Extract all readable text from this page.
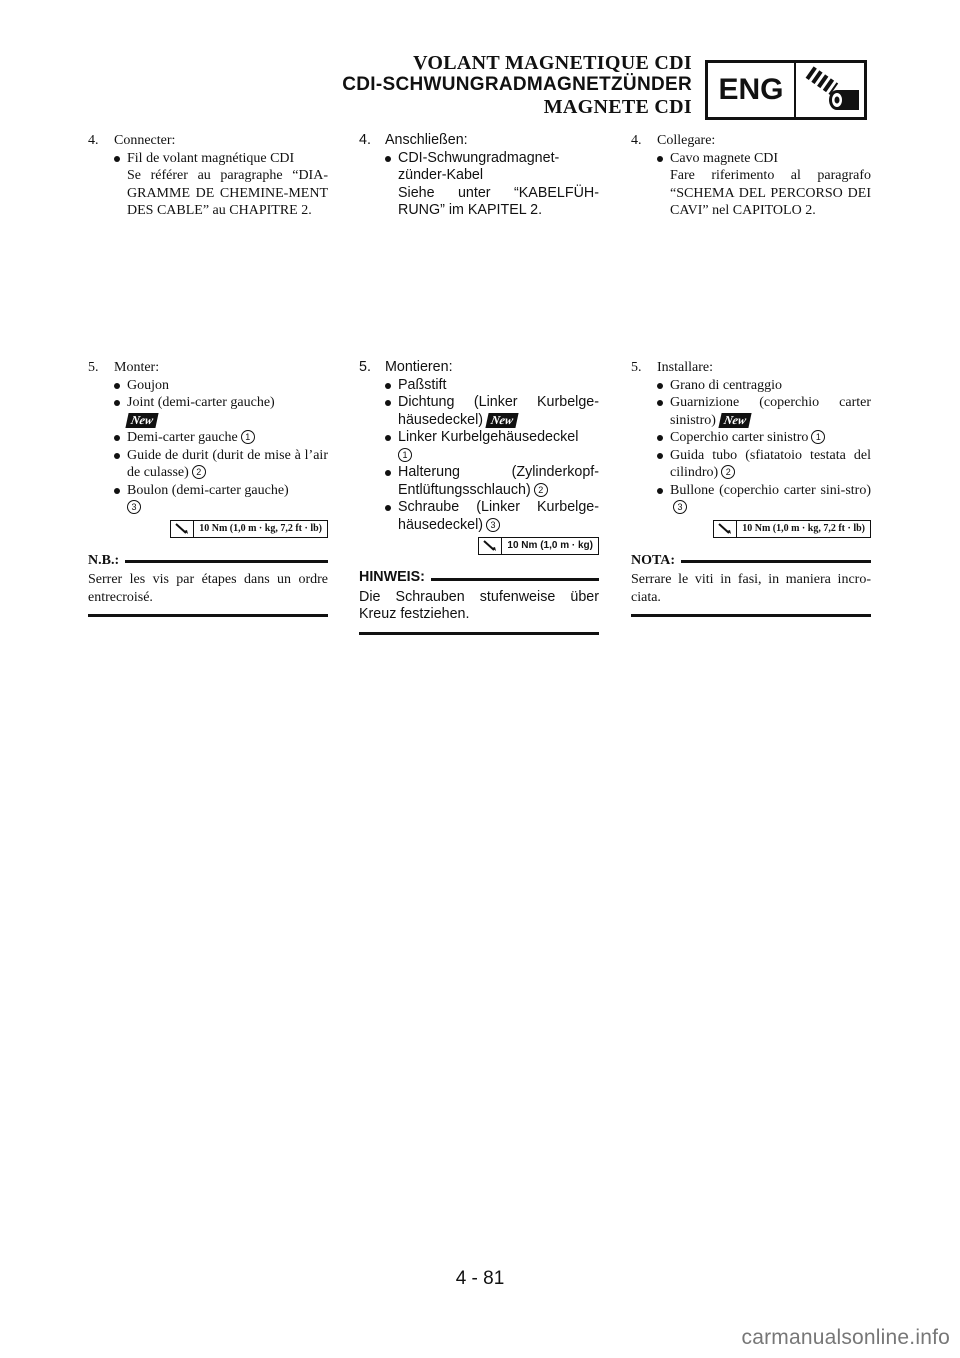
VOLANT MAGNETIQUE CDI
CDI-SCHWUNGRADMAGNETZÜNDER
MAGNETE CDI
ENG
4.	Connecter:
Fil de volant magnétique CDI
Se référer au paragraphe “DIA-GRAMME DE CHEMINE-MENT DES CABLE” au CHAPITRE 2.
4. Anschließen:
CDI-Schwungradmagnet-zünder-Kabel
Siehe unter “KABELFÜH-RUNG” im KAPITEL 2.
4.	Collegare:
Cavo magnete CDI
Fare riferimento al paragrafo “SCHEMA DEL PERCORSO DEI CAVI” nel CAPITOLO 2.
5.	Monter:
Goujon
Joint (demi-carter gauche)
New
Demi-carter gauche 1
Guide de durit (durit de mise à l’air de culasse) 2
Boulon (demi-carter gauche)
3
10 Nm (1,0 m · kg, 7,2 ft · lb)
N.B.:
Serrer les vis par étapes dans un ordre entrecroisé.
5. Montieren:
Paßstift
Dichtung (Linker Kurbelge-häusedeckel) New
Linker Kurbelgehäusedeckel
1
Halterung (Zylinderkopf-Entlüftungsschlauch) 2
Schraube (Linker Kurbelge-häusedeckel) 3
10 Nm (1,0 m · kg)
HINWEIS:
Die Schrauben stufenweise über Kreuz festziehen.
5.	Installare:
Grano di centraggio
Guarnizione (coperchio carter sinistro) New
Coperchio carter sinistro 1
Guida tubo (sfiatatoio testata del cilindro) 2
Bullone (coperchio carter sini-stro)3
10 Nm (1,0 m · kg, 7,2 ft · lb)
NOTA:
Serrare le viti in fasi, in maniera incro-ciata.
4 - 81
carmanualsonline.info
